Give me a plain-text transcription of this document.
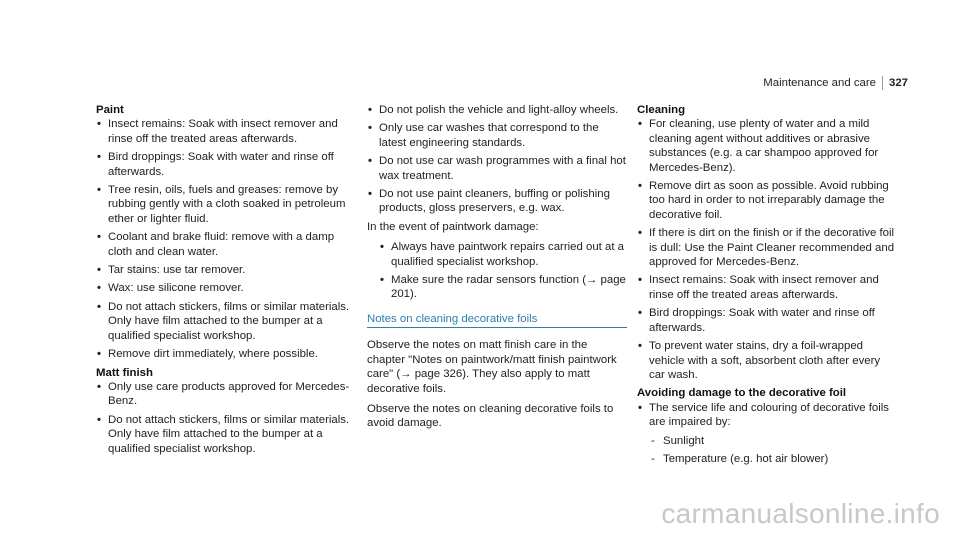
Maintenance and care 327
Paint
• Insect remains: Soak with insect remover and rinse off the treated areas afterwards.
• Bird droppings: Soak with water and rinse off afterwards.
• Tree resin, oils, fuels and greases: remove by rubbing gently with a cloth soaked in petroleum ether or lighter fluid.
• Coolant and brake fluid: remove with a damp cloth and clean water.
• Tar stains: use tar remover.
• Wax: use silicone remover.
• Do not attach stickers, films or similar materials. Only have film attached to the bumper at a qualified specialist workshop.
• Remove dirt immediately, where possible.
Matt finish
• Only use care products approved for Mercedes-Benz.
• Do not attach stickers, films or similar materials. Only have film attached to the bumper at a qualified specialist workshop.
• Do not polish the vehicle and light-alloy wheels.
• Only use car washes that correspond to the latest engineering standards.
• Do not use car wash programmes with a final hot wax treatment.
• Do not use paint cleaners, buffing or polishing products, gloss preservers, e.g. wax.

In the event of paintwork damage:

• Always have paintwork repairs carried out at a qualified specialist workshop.
• Make sure the radar sensors function (→ page 201).
Notes on cleaning decorative foils

Observe the notes on matt finish care in the chapter "Notes on paintwork/matt finish paintwork care" (→ page 326). They also apply to matt decorative foils.

Observe the notes on cleaning decorative foils to avoid damage.

Cleaning
• For cleaning, use plenty of water and a mild cleaning agent without additives or abrasive substances (e.g. a car shampoo approved for Mercedes-Benz).
• Remove dirt as soon as possible. Avoid rubbing too hard in order to not irreparably damage the decorative foil.
• If there is dirt on the finish or if the decorative foil is dull: Use the Paint Cleaner recommended and approved for Mercedes-Benz.
• Insect remains: Soak with insect remover and rinse off the treated areas afterwards.
• Bird droppings: Soak with water and rinse off afterwards.
• To prevent water stains, dry a foil-wrapped vehicle with a soft, absorbent cloth after every car wash.
Avoiding damage to the decorative foil
• The service life and colouring of decorative foils are impaired by:
- Sunlight
- Temperature (e.g. hot air blower)
carmanualsonline.info
